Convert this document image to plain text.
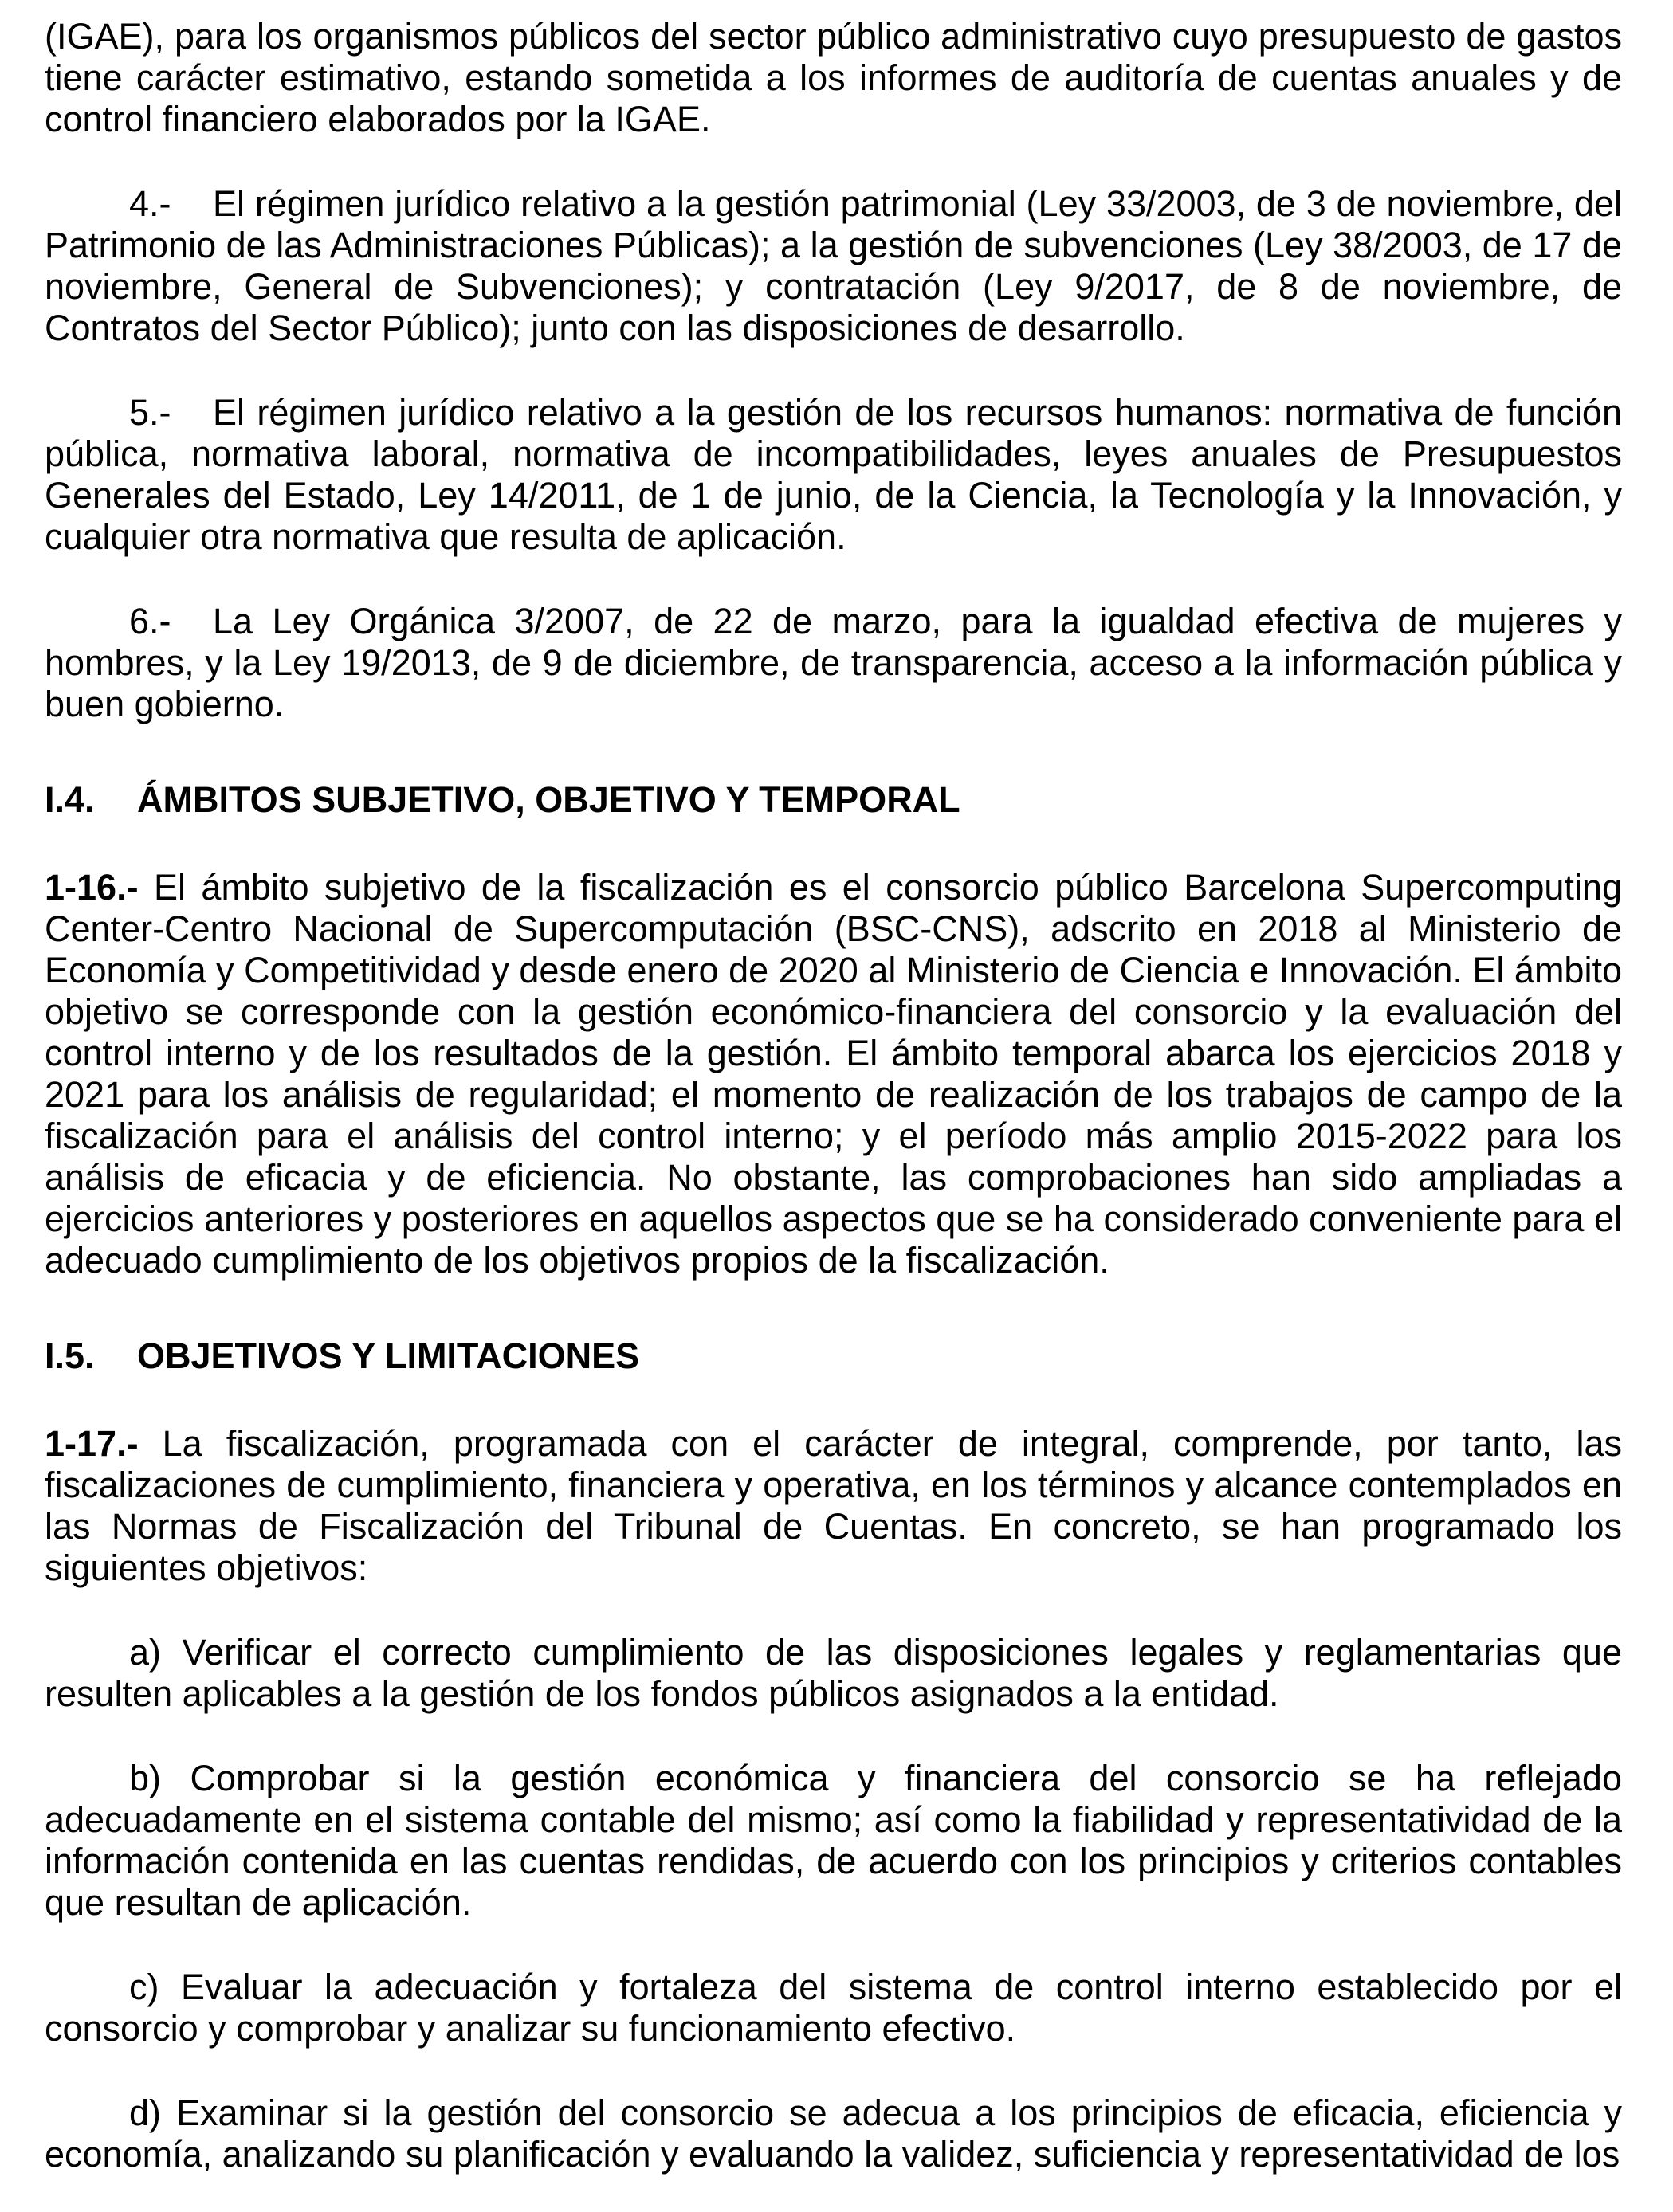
(IGAE), para los organismos públicos del sector público administrativo cuyo presupuesto de gastos tiene carácter estimativo, estando sometida a los informes de auditoría de cuentas anuales y de control financiero elaborados por la IGAE.

4.- El régimen jurídico relativo a la gestión patrimonial (Ley 33/2003, de 3 de noviembre, del Patrimonio de las Administraciones Públicas); a la gestión de subvenciones (Ley 38/2003, de 17 de noviembre, General de Subvenciones); y contratación (Ley 9/2017, de 8 de noviembre, de Contratos del Sector Público); junto con las disposiciones de desarrollo.

5.- El régimen jurídico relativo a la gestión de los recursos humanos: normativa de función pública, normativa laboral, normativa de incompatibilidades, leyes anuales de Presupuestos Generales del Estado, Ley 14/2011, de 1 de junio, de la Ciencia, la Tecnología y la Innovación, y cualquier otra normativa que resulta de aplicación.

6.- La Ley Orgánica 3/2007, de 22 de marzo, para la igualdad efectiva de mujeres y hombres, y la Ley 19/2013, de 9 de diciembre, de transparencia, acceso a la información pública y buen gobierno.

I.4. ÁMBITOS SUBJETIVO, OBJETIVO Y TEMPORAL

1-16.- El ámbito subjetivo de la fiscalización es el consorcio público Barcelona Supercomputing Center-Centro Nacional de Supercomputación (BSC-CNS), adscrito en 2018 al Ministerio de Economía y Competitividad y desde enero de 2020 al Ministerio de Ciencia e Innovación. El ámbito objetivo se corresponde con la gestión económico-financiera del consorcio y la evaluación del control interno y de los resultados de la gestión. El ámbito temporal abarca los ejercicios 2018 y 2021 para los análisis de regularidad; el momento de realización de los trabajos de campo de la fiscalización para el análisis del control interno; y el período más amplio 2015-2022 para los análisis de eficacia y de eficiencia. No obstante, las comprobaciones han sido ampliadas a ejercicios anteriores y posteriores en aquellos aspectos que se ha considerado conveniente para el adecuado cumplimiento de los objetivos propios de la fiscalización.

I.5. OBJETIVOS Y LIMITACIONES

1-17.- La fiscalización, programada con el carácter de integral, comprende, por tanto, las fiscalizaciones de cumplimiento, financiera y operativa, en los términos y alcance contemplados en las Normas de Fiscalización del Tribunal de Cuentas. En concreto, se han programado los siguientes objetivos:

a) Verificar el correcto cumplimiento de las disposiciones legales y reglamentarias que resulten aplicables a la gestión de los fondos públicos asignados a la entidad.

b) Comprobar si la gestión económica y financiera del consorcio se ha reflejado adecuadamente en el sistema contable del mismo; así como la fiabilidad y representatividad de la información contenida en las cuentas rendidas, de acuerdo con los principios y criterios contables que resultan de aplicación.

c) Evaluar la adecuación y fortaleza del sistema de control interno establecido por el consorcio y comprobar y analizar su funcionamiento efectivo.

d) Examinar si la gestión del consorcio se adecua a los principios de eficacia, eficiencia y economía, analizando su planificación y evaluando la validez, suficiencia y representatividad de los
